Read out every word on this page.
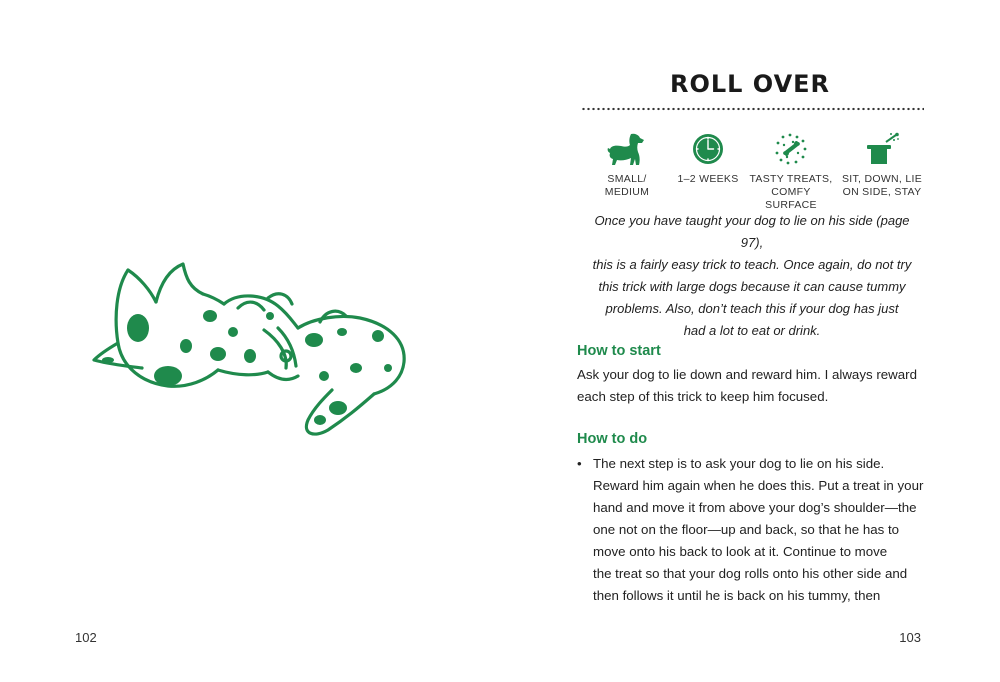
102
ROLL OVER
SMALL/
MEDIUM
1–2 WEEKS	TASTY TREATS,
COMFY SURFACE
SIT, DOWN, LIE
ON SIDE, STAY
Once you have taught your dog to lie on his side (page 97),
this is a fairly easy trick to teach. Once again, do not try
this trick with large dogs because it can cause tummy
problems. Also, don’t teach this if your dog has just
had a lot to eat or drink.
How to start
Ask your dog to lie down and reward him. I always reward
each step of this trick to keep him focused.
How to do
• The next step is to ask your dog to lie on his side.
Reward him again when he does this. Put a treat in your
hand and move it from above your dog’s shoulder—the
one not on the floor—up and back, so that he has to
move onto his back to look at it. Continue to move
the treat so that your dog rolls onto his other side and
then follows it until he is back on his tummy, then
103
